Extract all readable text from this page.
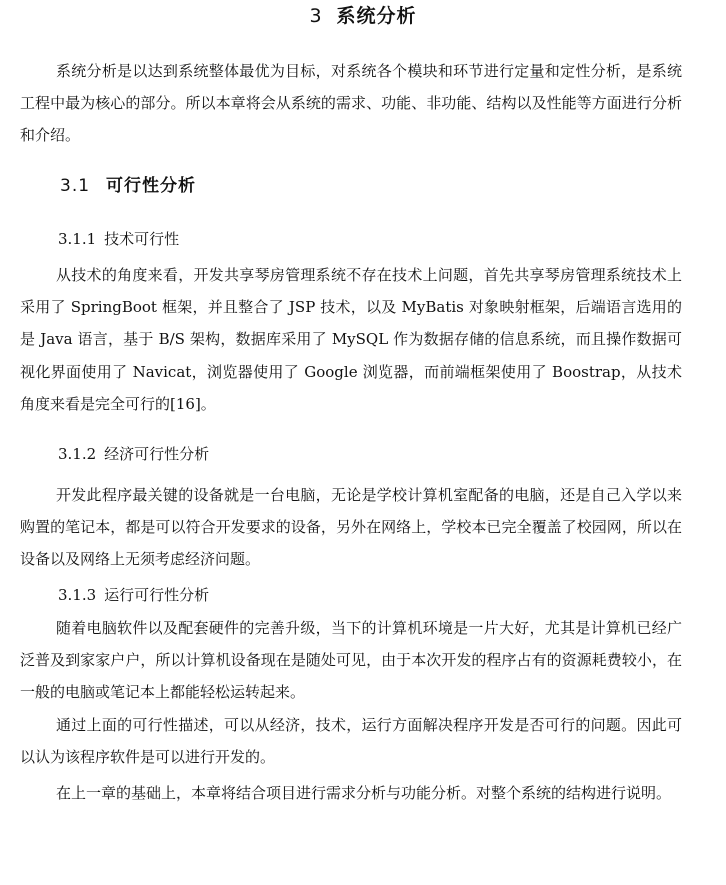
3 系统分析

系统分析是以达到系统整体最优为目标，对系统各个模块和环节进行定量和定性分析，是系统工程中最为核心的部分。所以本章将会从系统的需求、功能、非功能、结构以及性能等方面进行分析和介绍。

3.1 可行性分析
3.1.1 技术可行性

从技术的角度来看，开发共享琴房管理系统不存在技术上问题，首先共享琴房管理系统技术上采用了 SpringBoot 框架，并且整合了 JSP 技术，以及 MyBatis 对象映射框架，后端语言选用的是 Java 语言，基于 B/S 架构，数据库采用了 MySQL 作为数据存储的信息系统，而且操作数据可视化界面使用了 Navicat，浏览器使用了 Google 浏览器，而前端框架使用了 Boostrap，从技术角度来看是完全可行的[16]。

3.1.2 经济可行性分析

开发此程序最关键的设备就是一台电脑，无论是学校计算机室配备的电脑，还是自己入学以来购置的笔记本，都是可以符合开发要求的设备，另外在网络上，学校本已完全覆盖了校园网，所以在设备以及网络上无须考虑经济问题。

3.1.3 运行可行性分析

随着电脑软件以及配套硬件的完善升级，当下的计算机环境是一片大好，尤其是计算机已经广泛普及到家家户户，所以计算机设备现在是随处可见，由于本次开发的程序占有的资源耗费较小，在一般的电脑或笔记本上都能轻松运转起来。

通过上面的可行性描述，可以从经济，技术，运行方面解决程序开发是否可行的问题。因此可以认为该程序软件是可以进行开发的。

在上一章的基础上，本章将结合项目进行需求分析与功能分析。对整个系统的结构进行说明。
